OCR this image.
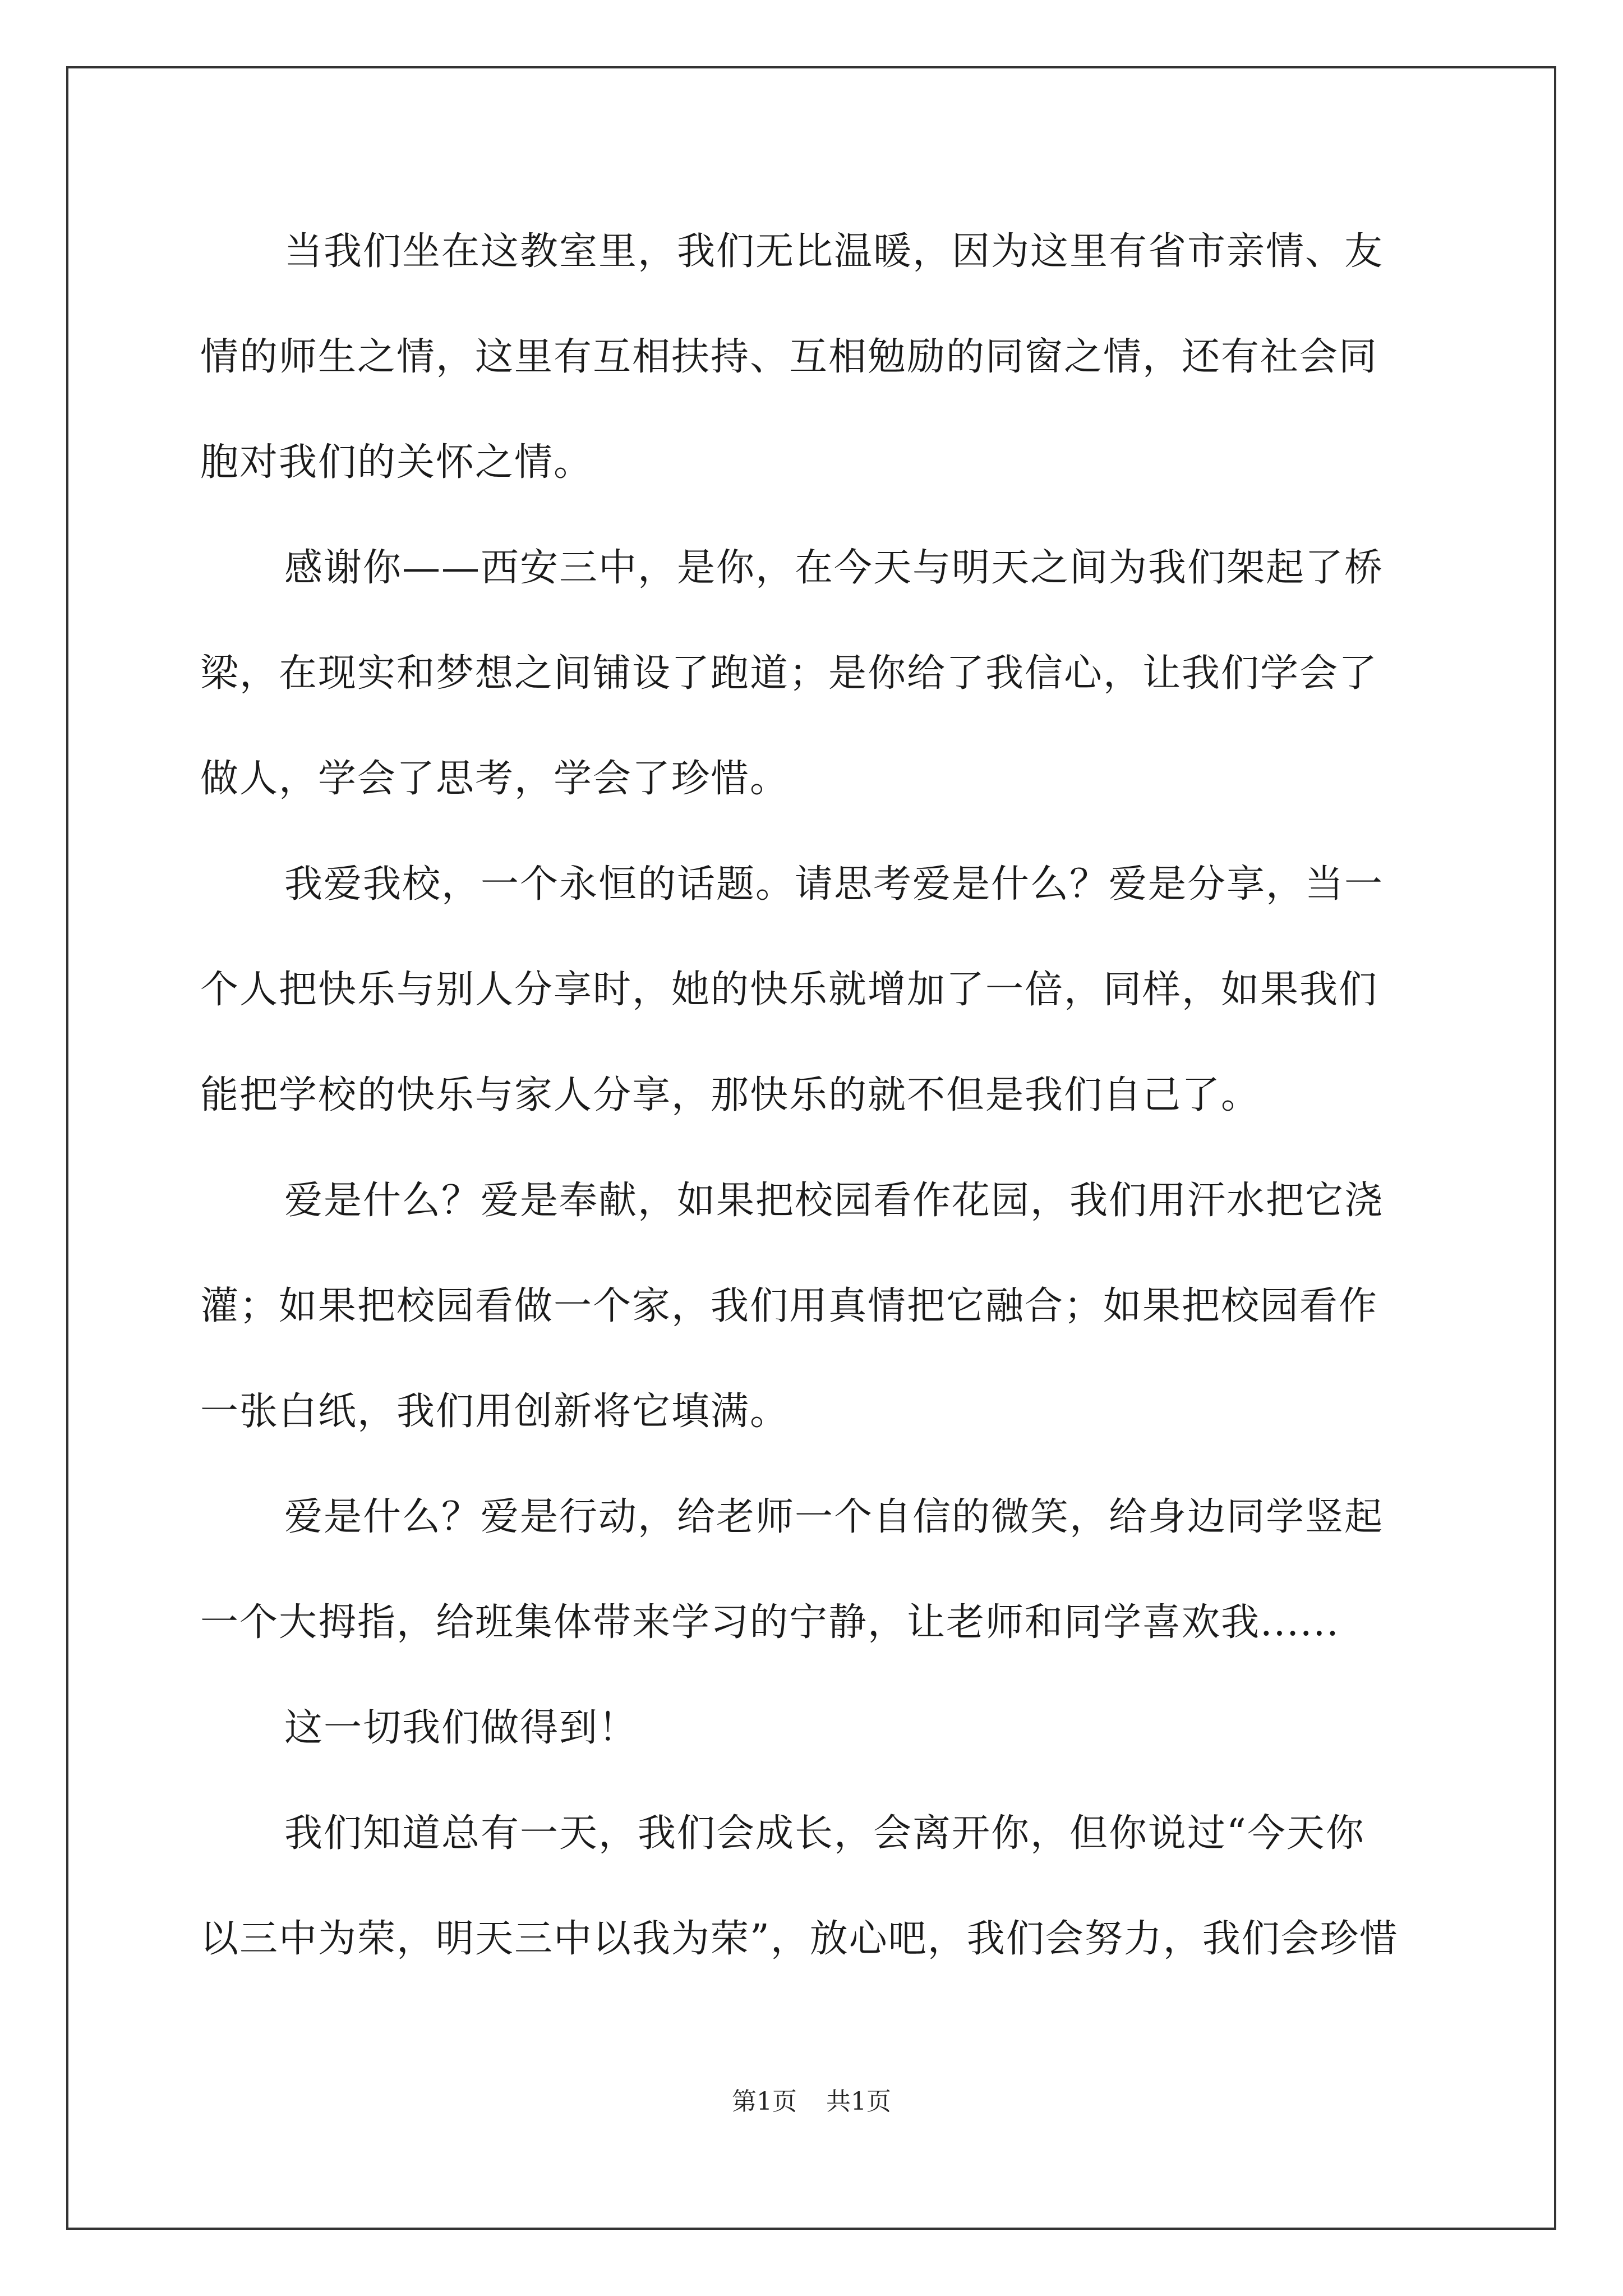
当我们坐在这教室里，我们无比温暖，因为这里有省市亲情、友
情的师生之情，这里有互相扶持、互相勉励的同窗之情，还有社会同
胞对我们的关怀之情。
感谢你——西安三中，是你，在今天与明天之间为我们架起了桥
梁，在现实和梦想之间铺设了跑道；是你给了我信心，让我们学会了
做人，学会了思考，学会了珍惜。
我爱我校，一个永恒的话题。请思考爱是什么？爱是分享，当一
个人把快乐与别人分享时，她的快乐就增加了一倍，同样，如果我们
能把学校的快乐与家人分享，那快乐的就不但是我们自己了。
爱是什么？爱是奉献，如果把校园看作花园，我们用汗水把它浇
灌；如果把校园看做一个家，我们用真情把它融合；如果把校园看作
一张白纸，我们用创新将它填满。
爱是什么？爱是行动，给老师一个自信的微笑，给身边同学竖起
一个大拇指，给班集体带来学习的宁静，让老师和同学喜欢我......
这一切我们做得到！
我们知道总有一天，我们会成长，会离开你，但你说过“今天你
以三中为荣，明天三中以我为荣”，放心吧，我们会努力，我们会珍惜
第1页 共1页
